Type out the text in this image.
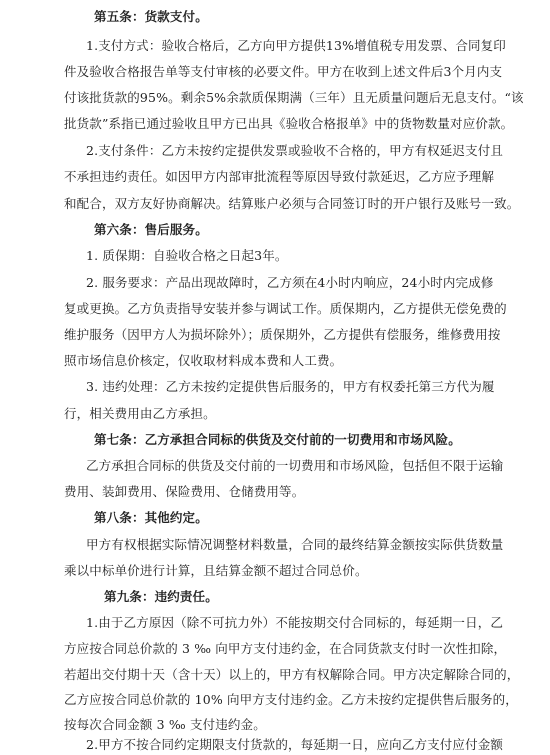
第五条：货款支付。
1.支付方式：验收合格后，乙方向甲方提供13%增值税专用发票、合同复印
件及验收合格报告单等支付审核的必要文件。甲方在收到上述文件后3个月内支
付该批货款的95%。剩余5%余款质保期满（三年）且无质量问题后无息支付。“该
批货款”系指已通过验收且甲方已出具《验收合格报单》中的货物数量对应价款。
2.支付条件：乙方未按约定提供发票或验收不合格的，甲方有权延迟支付且
不承担违约责任。如因甲方内部审批流程等原因导致付款延迟，乙方应予理解
和配合，双方友好协商解决。结算账户必须与合同签订时的开户银行及账号一致。
第六条：售后服务。
1. 质保期：自验收合格之日起3年。
2. 服务要求：产品出现故障时，乙方须在4小时内响应，24小时内完成修
复或更换。乙方负责指导安装并参与调试工作。质保期内，乙方提供无偿免费的
维护服务（因甲方人为损坏除外）；质保期外，乙方提供有偿服务，维修费用按
照市场信息价核定，仅收取材料成本费和人工费。
3. 违约处理：乙方未按约定提供售后服务的，甲方有权委托第三方代为履
行，相关费用由乙方承担。
第七条：乙方承担合同标的供货及交付前的一切费用和市场风险。
乙方承担合同标的供货及交付前的一切费用和市场风险，包括但不限于运输
费用、装卸费用、保险费用、仓储费用等。
第八条：其他约定。
甲方有权根据实际情况调整材料数量，合同的最终结算金额按实际供货数量
乘以中标单价进行计算，且结算金额不超过合同总价。
第九条：违约责任。
1.由于乙方原因（除不可抗力外）不能按期交付合同标的，每延期一日，乙
方应按合同总价款的 3 ‰ 向甲方支付违约金，在合同货款支付时一次性扣除，
若超出交付期十天（含十天）以上的，甲方有权解除合同。甲方决定解除合同的，
乙方应按合同总价款的 10% 向甲方支付违约金。乙方未按约定提供售后服务的，
按每次合同金额 3 ‰ 支付违约金。
2.甲方不按合同约定期限支付货款的，每延期一日，应向乙方支付应付金额
